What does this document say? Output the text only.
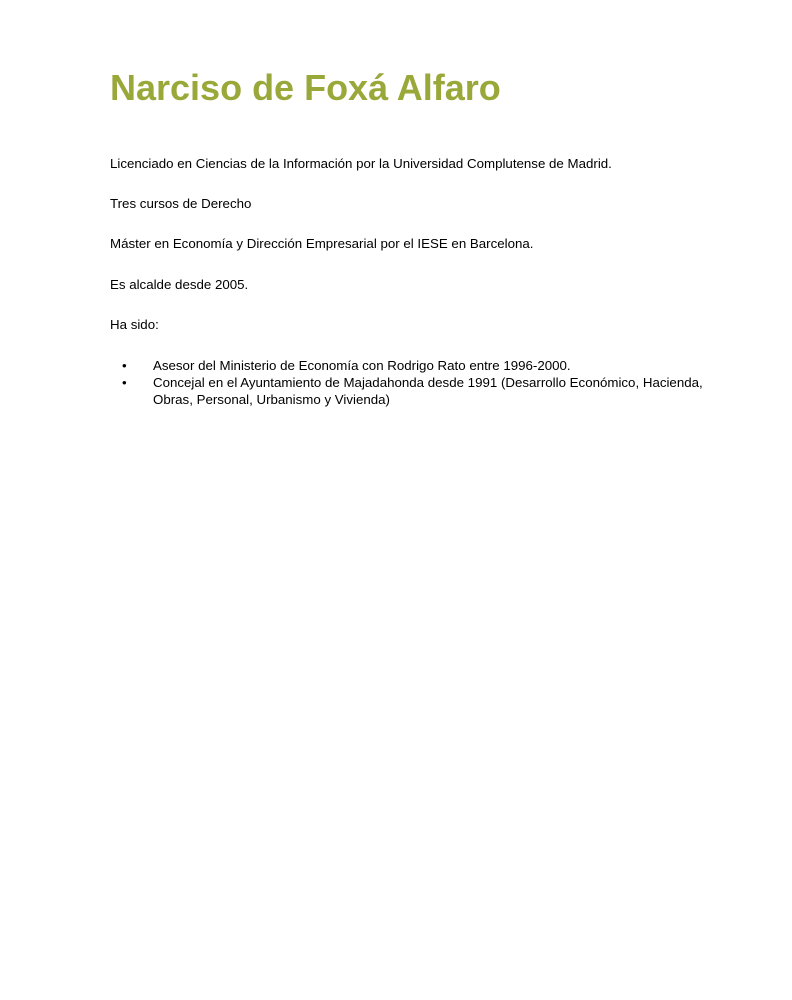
Narciso de Foxá Alfaro

Licenciado en Ciencias de la Información por la Universidad Complutense de Madrid.

Tres cursos de Derecho

Máster en Economía y Dirección Empresarial por el IESE en Barcelona.

Es alcalde desde 2005.

Ha sido:

• Asesor del Ministerio de Economía con Rodrigo Rato entre 1996-2000.
• Concejal en el Ayuntamiento de Majadahonda desde 1991 (Desarrollo Económico, Hacienda, Obras, Personal, Urbanismo y Vivienda)
